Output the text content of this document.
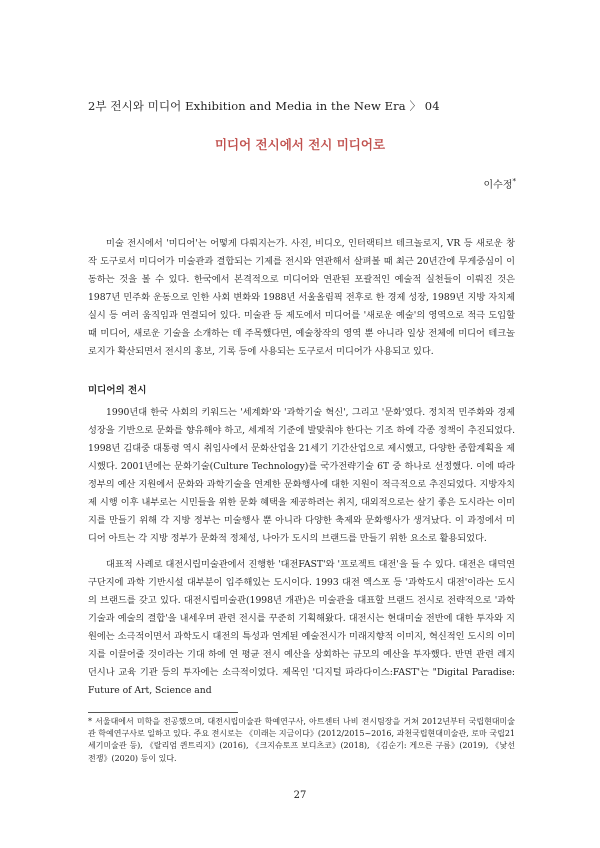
2부 전시와 미디어 Exhibition and Media in the New Era 〉 04
미디어 전시에서 전시 미디어로
이수정*

미술 전시에서 '미디어'는 어떻게 다뤄지는가. 사진, 비디오, 인터랙티브 테크놀로지, VR 등 새로운 창작 도구로서 미디어가 미술관과 결합되는 기제를 전시와 연관해서 살펴볼 때 최근 20년간에 무게중심이 이동하는 것을 볼 수 있다. 한국에서 본격적으로 미디어와 연관된 포괄적인 예술적 실천들이 이뤄진 것은 1987년 민주화 운동으로 인한 사회 변화와 1988년 서울올림픽 전후로 한 경제 성장, 1989년 지방 자치제 실시 등 여러 움직임과 연결되어 있다. 미술관 등 제도에서 미디어를 '새로운 예술'의 영역으로 적극 도입할 때 미디어, 새로운 기술을 소개하는 데 주목했다면, 예술창작의 영역 뿐 아니라 일상 전체에 미디어 테크놀로지가 확산되면서 전시의 홍보, 기록 등에 사용되는 도구로서 미디어가 사용되고 있다.

미디어의 전시

1990년대 한국 사회의 키워드는 '세계화'와 '과학기술 혁신', 그리고 '문화'였다. 정치적 민주화와 경제성장을 기반으로 문화를 향유해야 하고, 세계적 기준에 발맞춰야 한다는 기조 하에 각종 정책이 추진되었다. 1998년 김대중 대통령 역시 취임사에서 문화산업을 21세기 기간산업으로 제시했고, 다양한 종합계획을 제시했다. 2001년에는 문화기술(Culture Technology)를 국가전략기술 6T 중 하나로 선정했다. 이에 따라 정부의 예산 지원에서 문화와 과학기술을 연계한 문화행사에 대한 지원이 적극적으로 추진되었다. 지방자치제 시행 이후 내부로는 시민들을 위한 문화 혜택을 제공하려는 취지, 대외적으로는 살기 좋은 도시라는 이미지를 만들기 위해 각 지방 정부는 미술행사 뿐 아니라 다양한 축제와 문화행사가 생겨났다. 이 과정에서 미디어 아트는 각 지방 정부가 문화적 정체성, 나아가 도시의 브랜드를 만들기 위한 요소로 활용되었다.

대표적 사례로 대전시립미술관에서 진행한 '대전FAST'와 '프로젝트 대전'을 들 수 있다. 대전은 대덕연구단지에 과학 기반시설 대부분이 입주해있는 도시이다. 1993 대전 엑스포 등 '과학도시 대전'이라는 도시의 브랜드를 갖고 있다. 대전시립미술관(1998년 개관)은 미술관을 대표할 브랜드 전시로 전략적으로 '과학기술과 예술의 결합'을 내세우며 관련 전시를 꾸준히 기획해왔다. 대전시는 현대미술 전반에 대한 투자와 지원에는 소극적이면서 과학도시 대전의 특성과 연계된 예술전시가 미래지향적 이미지, 혁신적인 도시의 이미지를 이끌어줄 것이라는 기대 하에 연 평균 전시 예산을 상회하는 규모의 예산을 투자했다. 반면 관련 레지던시나 교육 기관 등의 투자에는 소극적이었다. 제목인 '디지털 파라다이스:FAST'는 "Digital Paradise: Future of Art, Science and

* 서울대에서 미학을 전공했으며, 대전시립미술관 학예연구사, 아트센터 나비 전시팀장을 거쳐 2012년부터 국립현대미술관 학예연구사로 일하고 있다. 주요 전시로는 《미래는 지금이다》(2012/2015~2016, 과천국립현대미술관, 로마 국립21세기미술관 등), 《랄리엄 퀸트리지》(2016), 《크지슈토프 보디츠코》(2018), 《김순기: 게으른 구름》(2019), 《낯선 전쟁》(2020) 등이 있다.

27
